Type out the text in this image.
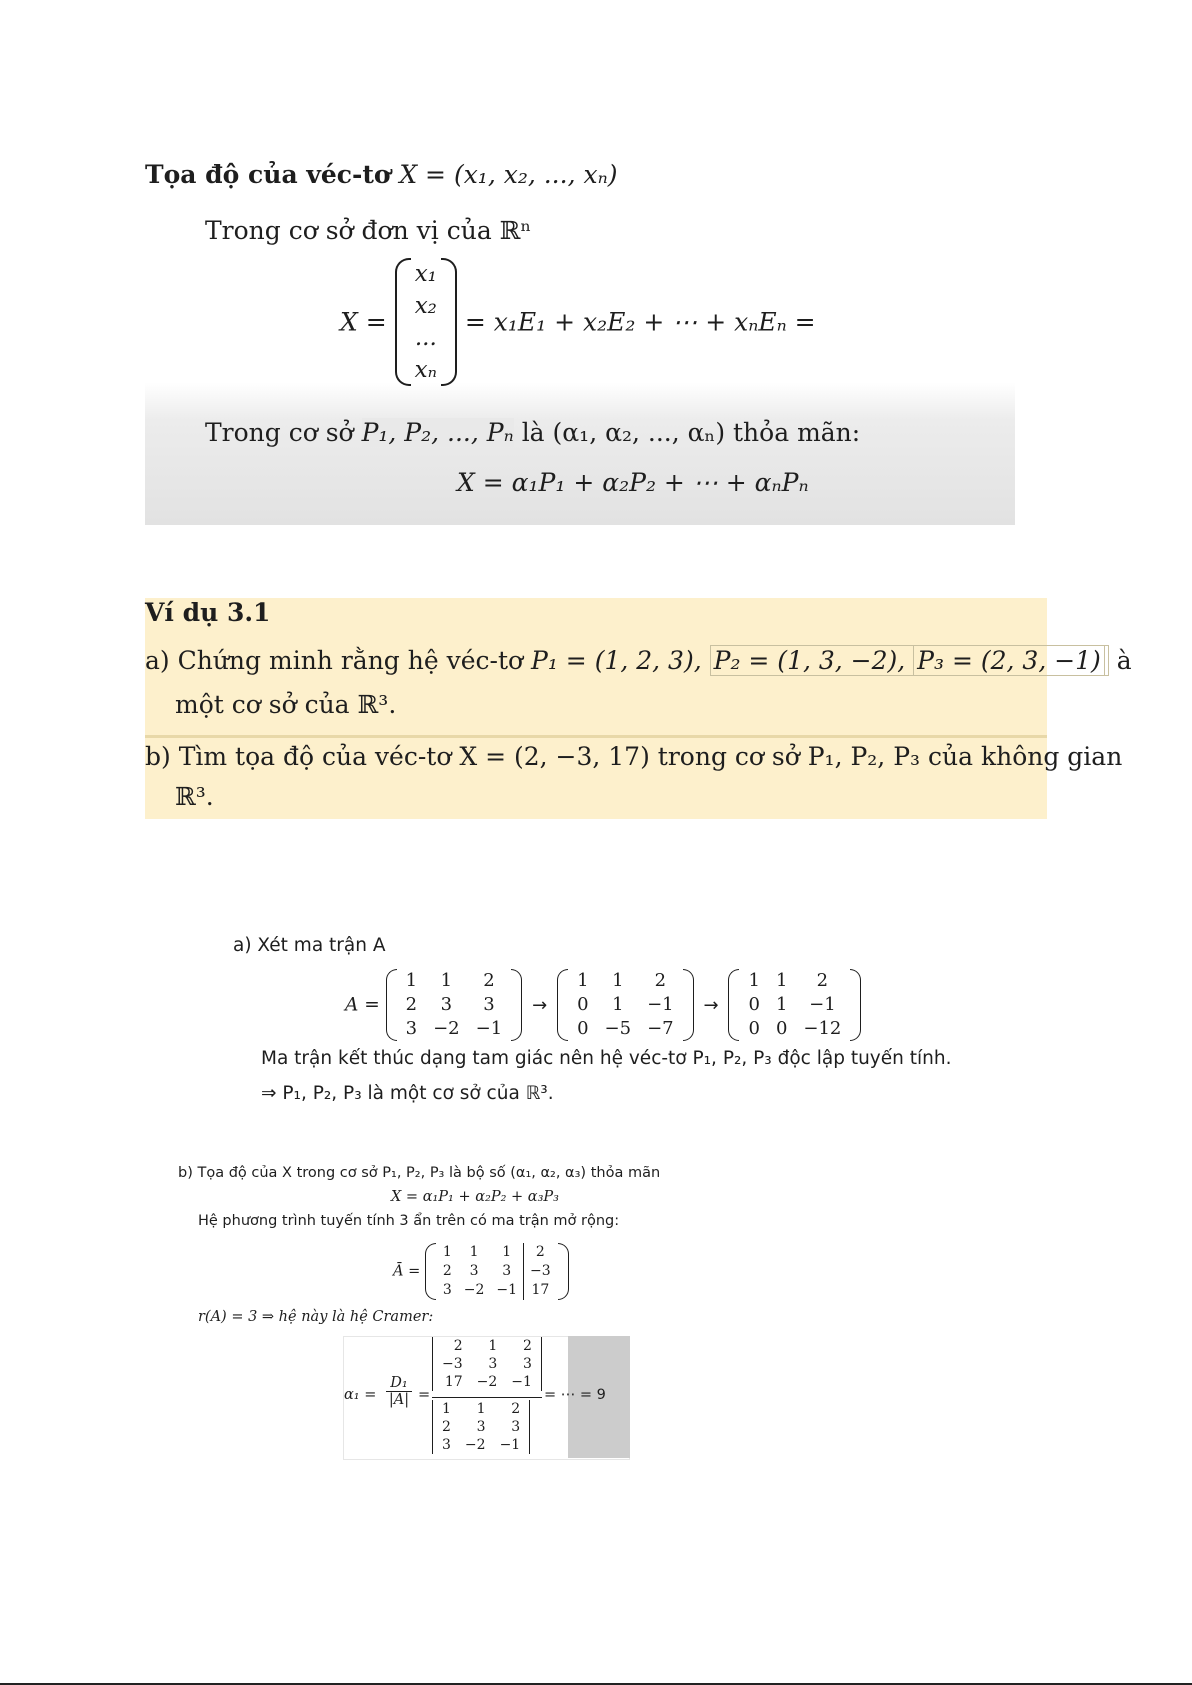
Tọa độ của véc-tơ X = (x₁, x₂, ..., xₙ)
Trong cơ sở đơn vị của ℝⁿ
X =
x₁
x₂
...
xₙ
= x₁E₁ + x₂E₂ + ⋯ + xₙEₙ =
Trong cơ sở P₁, P₂, ..., Pₙ là (α₁, α₂, ..., αₙ) thỏa mãn:
X = α₁P₁ + α₂P₂ + ⋯ + αₙPₙ
Ví dụ 3.1
a) Chứng minh rằng hệ véc-tơ P₁ = (1, 2, 3), P₂ = (1, 3, −2), P₃ = (2, 3, −1) à
một cơ sở của ℝ³.
b) Tìm tọa độ của véc-tơ X = (2, −3, 17) trong cơ sở P₁, P₂, P₃ của không gian
ℝ³.
a) Xét ma trận A
A =
1	1	2
2	3	3
3	−2	−1
→
1	1	2
0	1	−1
0	−5	−7
→
1	1	2
0	1	−1
0	0	−12
Ma trận kết thúc dạng tam giác nên hệ véc-tơ P₁, P₂, P₃ độc lập tuyến tính.
⇒ P₁, P₂, P₃ là một cơ sở của ℝ³.
b) Tọa độ của X trong cơ sở P₁, P₂, P₃ là bộ số (α₁, α₂, α₃) thỏa mãn
X = α₁P₁ + α₂P₂ + α₃P₃
Hệ phương trình tuyến tính 3 ẩn trên có ma trận mở rộng:
Ā =
1	1	1	2
2	3	3	−3
3	−2	−1	17
r(A) = 3 ⇒ hệ này là hệ Cramer:
$\alpha_1 = \frac{\text{D₁}}{|A|}$ =
2	1	2
−3	3	3
17	−2	−1
1	1	2
2	3	3
3	−2	−1
= ⋯ = 9
